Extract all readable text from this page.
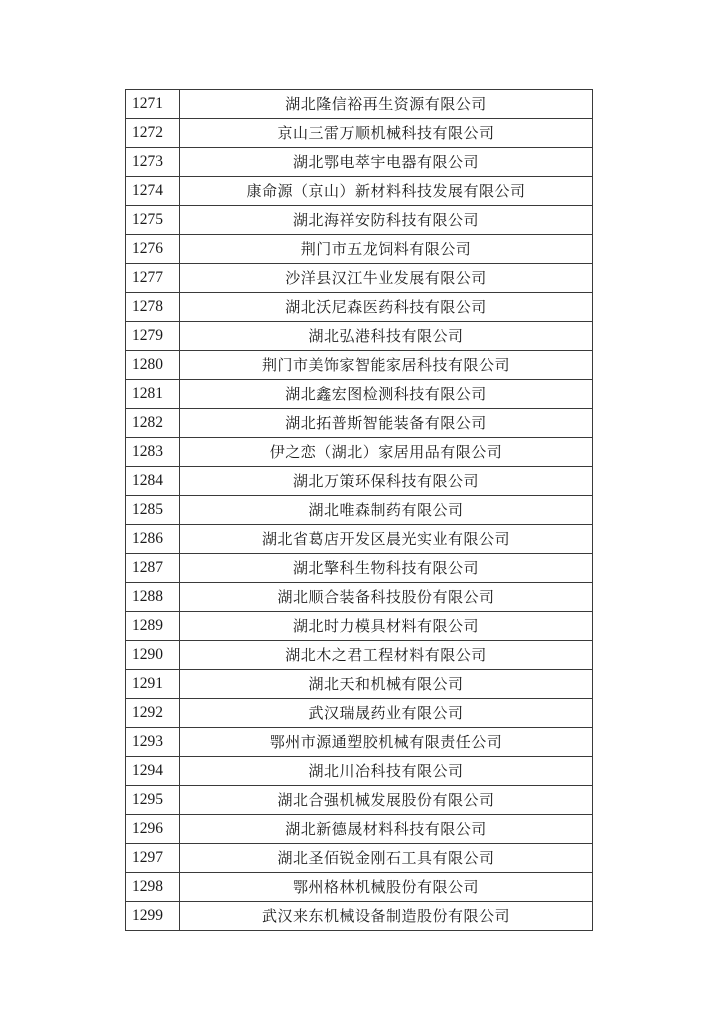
1271	湖北隆信裕再生资源有限公司
1272	京山三雷万顺机械科技有限公司
1273	湖北鄂电萃宇电器有限公司
1274	康命源（京山）新材料科技发展有限公司
1275	湖北海祥安防科技有限公司
1276	荆门市五龙饲料有限公司
1277	沙洋县汉江牛业发展有限公司
1278	湖北沃尼森医药科技有限公司
1279	湖北弘港科技有限公司
1280	荆门市美饰家智能家居科技有限公司
1281	湖北鑫宏图检测科技有限公司
1282	湖北拓普斯智能装备有限公司
1283	伊之恋（湖北）家居用品有限公司
1284	湖北万策环保科技有限公司
1285	湖北唯森制药有限公司
1286	湖北省葛店开发区晨光实业有限公司
1287	湖北擎科生物科技有限公司
1288	湖北顺合装备科技股份有限公司
1289	湖北时力模具材料有限公司
1290	湖北木之君工程材料有限公司
1291	湖北天和机械有限公司
1292	武汉瑞晟药业有限公司
1293	鄂州市源通塑胶机械有限责任公司
1294	湖北川冶科技有限公司
1295	湖北合强机械发展股份有限公司
1296	湖北新德晟材料科技有限公司
1297	湖北圣佰锐金刚石工具有限公司
1298	鄂州格林机械股份有限公司
1299	武汉来东机械设备制造股份有限公司
